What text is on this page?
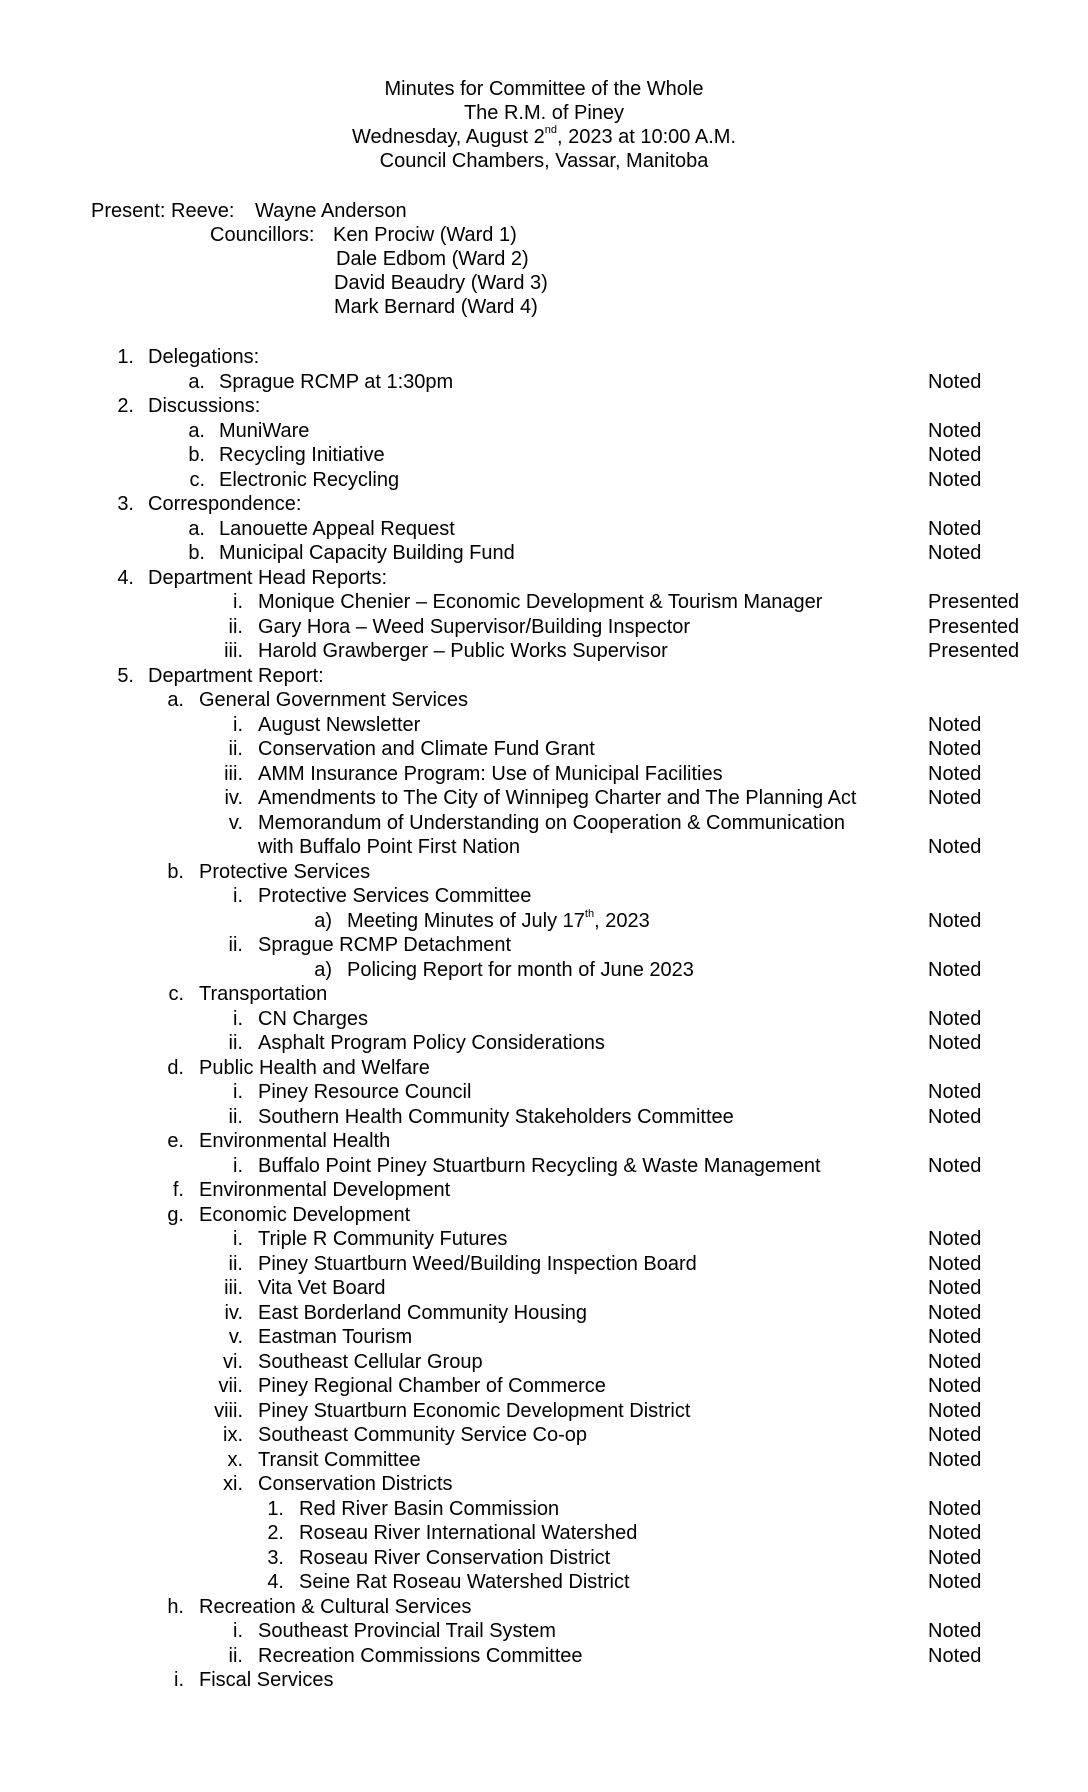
Minutes for Committee of the Whole
The R.M. of Piney
Wednesday, August 2nd, 2023 at 10:00 A.M.
Council Chambers, Vassar, Manitoba
Present: Reeve: Wayne Anderson
Councillors: Ken Prociw (Ward 1)
Dale Edbom (Ward 2)
David Beaudry (Ward 3)
Mark Bernard (Ward 4)
1. Delegations:
a. Sprague RCMP at 1:30pm	Noted
2. Discussions:
a. MuniWare	Noted
b. Recycling Initiative	Noted
c. Electronic Recycling	Noted
3. Correspondence:
a. Lanouette Appeal Request	Noted
b. Municipal Capacity Building Fund	Noted
4. Department Head Reports:
i. Monique Chenier – Economic Development & Tourism Manager	Presented
ii. Gary Hora – Weed Supervisor/Building Inspector	Presented
iii. Harold Grawberger – Public Works Supervisor	Presented
5. Department Report:
a. General Government Services
i. August Newsletter	Noted
ii. Conservation and Climate Fund Grant	Noted
iii. AMM Insurance Program: Use of Municipal Facilities	Noted
iv. Amendments to The City of Winnipeg Charter and The Planning Act	Noted
v. Memorandum of Understanding on Cooperation & Communication
with Buffalo Point First Nation	Noted
b. Protective Services
i. Protective Services Committee
a) Meeting Minutes of July 17th, 2023	Noted
ii. Sprague RCMP Detachment
a) Policing Report for month of June 2023	Noted
c. Transportation
i. CN Charges	Noted
ii. Asphalt Program Policy Considerations	Noted
d. Public Health and Welfare
i. Piney Resource Council	Noted
ii. Southern Health Community Stakeholders Committee	Noted
e. Environmental Health
i. Buffalo Point Piney Stuartburn Recycling & Waste Management	Noted
f. Environmental Development
g. Economic Development
i. Triple R Community Futures	Noted
ii. Piney Stuartburn Weed/Building Inspection Board	Noted
iii. Vita Vet Board	Noted
iv. East Borderland Community Housing	Noted
v. Eastman Tourism	Noted
vi. Southeast Cellular Group	Noted
vii. Piney Regional Chamber of Commerce	Noted
viii. Piney Stuartburn Economic Development District	Noted
ix. Southeast Community Service Co-op	Noted
x. Transit Committee	Noted
xi. Conservation Districts
1. Red River Basin Commission	Noted
2. Roseau River International Watershed	Noted
3. Roseau River Conservation District	Noted
4. Seine Rat Roseau Watershed District	Noted
h. Recreation & Cultural Services
i. Southeast Provincial Trail System	Noted
ii. Recreation Commissions Committee	Noted
i. Fiscal Services
